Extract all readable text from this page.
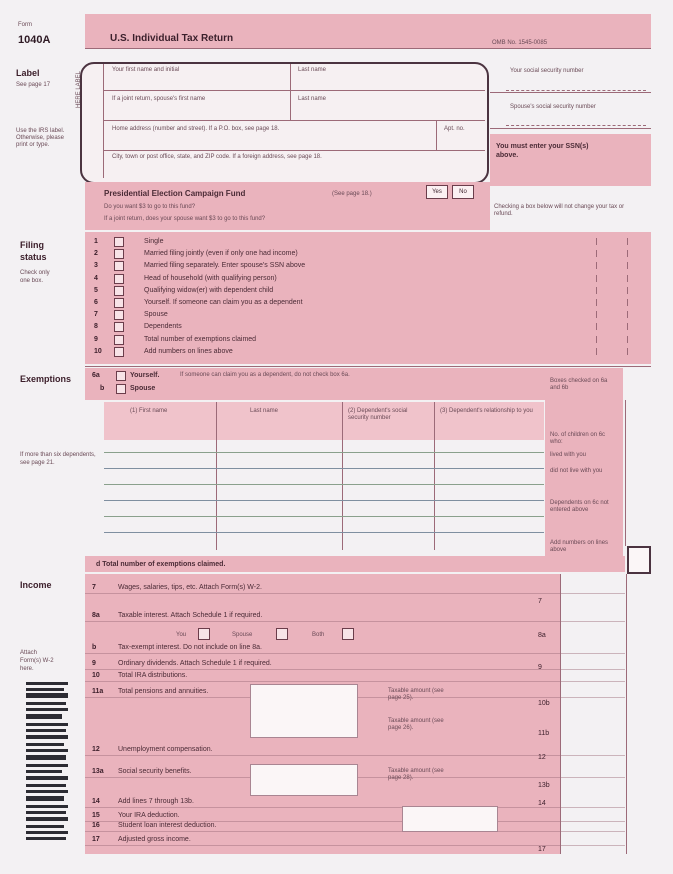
Form
1040A	U.S. Individual Tax Return	OMB No. 1545-0085
Label
See page 17
Use the IRS label. Otherwise, please print or type.
HERE LABEL
Your first name and initial	Last name
If a joint return, spouse's first name	Last name
Home address (number and street). If a P.O. box, see page 18.	Apt. no.
City, town or post office, state, and ZIP code. If a foreign address, see page 18.
Your social security number
Spouse's social security number
You must enter your SSN(s) above.
Checking a box below will not change your tax or refund.
Presidential Election Campaign Fund	(See page 18.)
Do you want $3 to go to this fund?
If a joint return, does your spouse want $3 to go to this fund?
Yes	No
Filing
status
Check only
one box.
1	Single
2	Married filing jointly (even if only one had income)
3	Married filing separately. Enter spouse's SSN above
4	Head of household (with qualifying person)
5	Qualifying widow(er) with dependent child
6	Yourself. If someone can claim you as a dependent
7	Spouse
8	Dependents
9	Total number of exemptions claimed
10	Add numbers on lines above
Exemptions	6a	Yourself.	If someone can claim you as a dependent, do not check box 6a.
b	Spouse
(1) First name	Last name	(2) Dependent's social security number
(3) Dependent's relationship to you
If more than six dependents,
see page 21.
Boxes checked on 6a and 6b
No. of children on 6c who:
lived with you
did not live with you
Dependents on 6c not entered above
Add numbers on lines above
d Total number of exemptions claimed.
Income
Attach
Form(s) W-2
here.
7	Wages, salaries, tips, etc. Attach Form(s) W-2.
8a	Taxable interest. Attach Schedule 1 if required.
b	Tax-exempt interest. Do not include on line 8a.
9	Ordinary dividends. Attach Schedule 1 if required.
10	Total IRA distributions.
11a Total pensions and annuities.
12	Unemployment compensation.
13a Social security benefits.
14	Add lines 7 through 13b.
15	Your IRA deduction.
16	Student loan interest deduction.
17	Adjusted gross income.
7
8a
9
10b
11b
12
13b
14
17
You	Spouse	Both
Taxable amount (see page 25).
Taxable amount (see page 26).
Taxable amount (see page 28).
